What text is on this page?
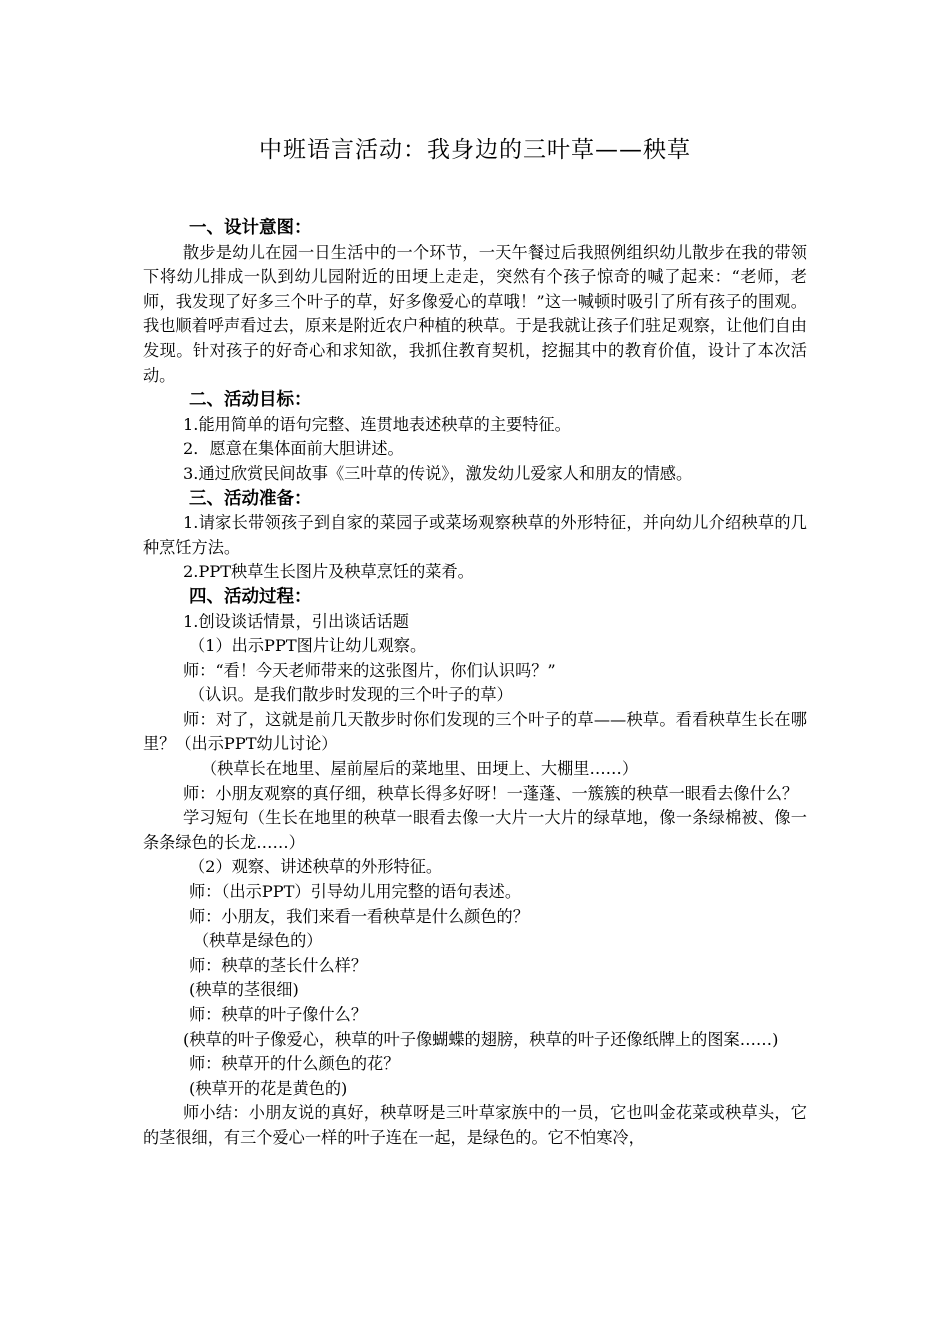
中班语言活动：我身边的三叶草——秧草

一、设计意图：

散步是幼儿在园一日生活中的一个环节，一天午餐过后我照例组织幼儿散步在我的带领下将幼儿排成一队到幼儿园附近的田埂上走走，突然有个孩子惊奇的喊了起来：“老师，老师，我发现了好多三个叶子的草，好多像爱心的草哦！”这一喊顿时吸引了所有孩子的围观。我也顺着呼声看过去，原来是附近农户种植的秧草。于是我就让孩子们驻足观察，让他们自由发现。针对孩子的好奇心和求知欲，我抓住教育契机，挖掘其中的教育价值，设计了本次活动。

二、活动目标：

1.能用简单的语句完整、连贯地表述秧草的主要特征。

2．愿意在集体面前大胆讲述。

3.通过欣赏民间故事《三叶草的传说》，激发幼儿爱家人和朋友的情感。

三、活动准备：

1.请家长带领孩子到自家的菜园子或菜场观察秧草的外形特征，并向幼儿介绍秧草的几种烹饪方法。

2.PPT秧草生长图片及秧草烹饪的菜肴。

四、活动过程：

1.创设谈话情景，引出谈话话题

（1）出示PPT图片让幼儿观察。

师：“看！今天老师带来的这张图片，你们认识吗？”

（认识。是我们散步时发现的三个叶子的草）

师：对了，这就是前几天散步时你们发现的三个叶子的草——秧草。看看秧草生长在哪里？（出示PPT幼儿讨论）

（秧草长在地里、屋前屋后的菜地里、田埂上、大棚里……）

师：小朋友观察的真仔细，秧草长得多好呀！一蓬蓬、一簇簇的秧草一眼看去像什么？

学习短句（生长在地里的秧草一眼看去像一大片一大片的绿草地，像一条绿棉被、像一条条绿色的长龙……）

（2）观察、讲述秧草的外形特征。

师：（出示PPT）引导幼儿用完整的语句表述。

师：小朋友，我们来看一看秧草是什么颜色的？

（秧草是绿色的）

师：秧草的茎长什么样？

(秧草的茎很细)

师：秧草的叶子像什么？

(秧草的叶子像爱心，秧草的叶子像蝴蝶的翅膀，秧草的叶子还像纸牌上的图案……)

师：秧草开的什么颜色的花？

(秧草开的花是黄色的)

师小结：小朋友说的真好，秧草呀是三叶草家族中的一员，它也叫金花菜或秧草头，它的茎很细，有三个爱心一样的叶子连在一起，是绿色的。它不怕寒冷，
